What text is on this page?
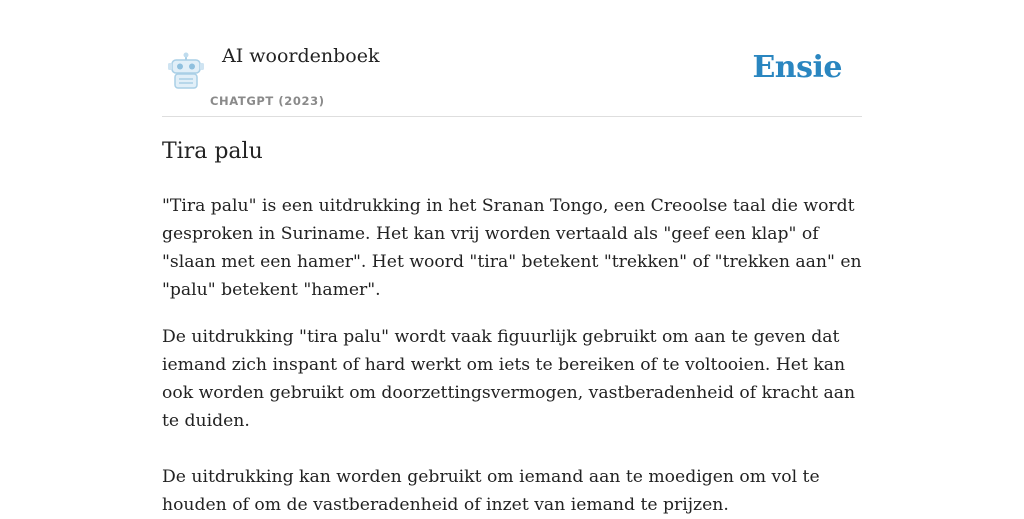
AI woordenboek
CHATGPT (2023)
Ensie
Tira palu

"Tira palu" is een uitdrukking in het Sranan Tongo, een Creoolse taal die wordt gesproken in Suriname. Het kan vrij worden vertaald als "geef een klap" of "slaan met een hamer". Het woord "tira" betekent "trekken" of "trekken aan" en "palu" betekent "hamer".

De uitdrukking "tira palu" wordt vaak figuurlijk gebruikt om aan te geven dat iemand zich inspant of hard werkt om iets te bereiken of te voltooien. Het kan ook worden gebruikt om doorzettingsvermogen, vastberadenheid of kracht aan te duiden.

De uitdrukking kan worden gebruikt om iemand aan te moedigen om vol te houden of om de vastberadenheid of inzet van iemand te prijzen.
